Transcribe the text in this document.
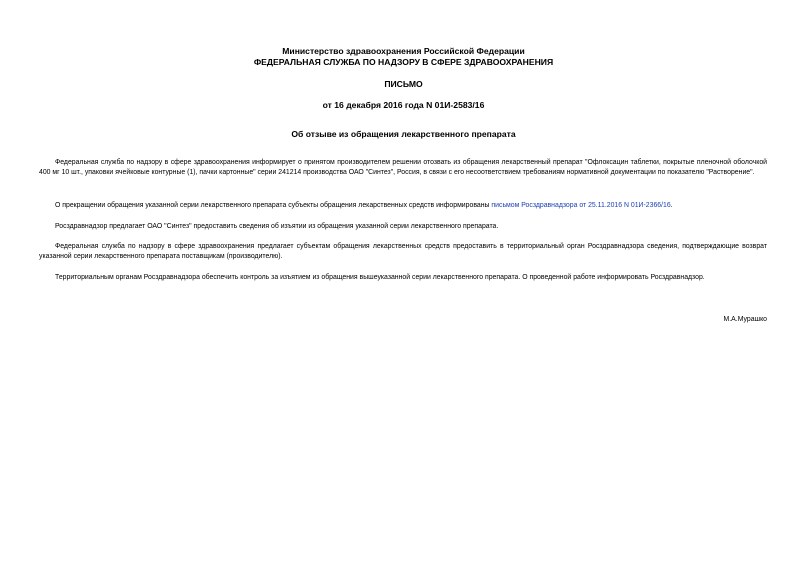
Министерство здравоохранения Российской Федерации
ФЕДЕРАЛЬНАЯ СЛУЖБА ПО НАДЗОРУ В СФЕРЕ ЗДРАВООХРАНЕНИЯ
ПИСЬМО
от 16 декабря 2016 года N 01И-2583/16
Об отзыве из обращения лекарственного препарата
Федеральная служба по надзору в сфере здравоохранения информирует о принятом производителем решении отозвать из обращения лекарственный препарат "Офлоксацин таблетки, покрытые пленочной оболочкой 400 мг 10 шт., упаковки ячейковые контурные (1), пачки картонные" серии 241214 производства ОАО "Синтез", Россия, в связи с его несоответствием требованиям нормативной документации по показателю "Растворение".
О прекращении обращения указанной серии лекарственного препарата субъекты обращения лекарственных средств информированы письмом Росздравнадзора от 25.11.2016 N 01И-2366/16.
Росздравнадзор предлагает ОАО "Синтез" предоставить сведения об изъятии из обращения указанной серии лекарственного препарата.
Федеральная служба по надзору в сфере здравоохранения предлагает субъектам обращения лекарственных средств предоставить в территориальный орган Росздравнадзора сведения, подтверждающие возврат указанной серии лекарственного препарата поставщикам (производителю).
Территориальным органам Росздравнадзора обеспечить контроль за изъятием из обращения вышеуказанной серии лекарственного препарата. О проведенной работе информировать Росздравнадзор.
М.А.Мурашко
